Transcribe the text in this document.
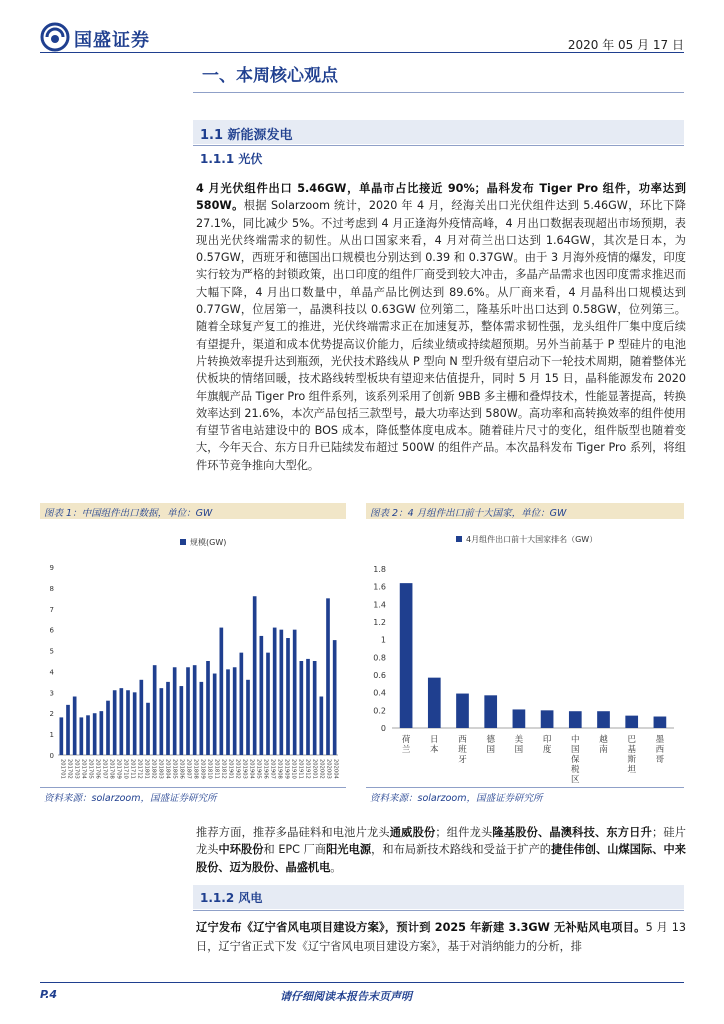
国盛证券	2020 年 05 月 17 日
一、本周核心观点
1.1 新能源发电
1.1.1 光伏
4 月光伏组件出口 5.46GW，单晶市占比接近 90%；晶科发布 Tiger Pro 组件，功率达到 580W。根据 Solarzoom 统计，2020 年 4 月，经海关出口光伏组件达到 5.46GW，环比下降 27.1%，同比减少 5%。不过考虑到 4 月正逢海外疫情高峰，4 月出口数据表现超出市场预期，表现出光伏终端需求的韧性。从出口国家来看，4 月对荷兰出口达到 1.64GW，其次是日本，为 0.57GW，西班牙和德国出口规模也分别达到 0.39 和 0.37GW。由于 3 月海外疫情的爆发，印度实行较为严格的封锁政策，出口印度的组件厂商受到较大冲击，多晶产品需求也因印度需求推迟而大幅下降，4 月出口数量中，单晶产品比例达到 89.6%。从厂商来看，4 月晶科出口规模达到 0.77GW，位居第一，晶澳科技以 0.63GW 位列第二，隆基乐叶出口达到 0.58GW，位列第三。随着全球复产复工的推进，光伏终端需求正在加速复苏，整体需求韧性强，龙头组件厂集中度后续有望提升，渠道和成本优势提高议价能力，后续业绩或持续超预期。另外当前基于 P 型硅片的电池片转换效率提升达到瓶颈，光伏技术路线从 P 型向 N 型升级有望启动下一轮技术周期，随着整体光伏板块的情绪回暖，技术路线转型板块有望迎来估值提升，同时 5 月 15 日，晶科能源发布 2020 年旗舰产品 Tiger Pro 组件系列，该系列采用了创新 9BB 多主栅和叠焊技术，性能显著提高，转换效率达到 21.6%，本次产品包括三款型号，最大功率达到 580W。高功率和高转换效率的组件使用有望节省电站建设中的 BOS 成本，降低整体度电成本。随着硅片尺寸的变化，组件版型也随着变大，今年天合、东方日升已陆续发布超过 500W 的组件产品。本次晶科发布 Tiger Pro 系列，将组件环节竞争推向大型化。
图表 1：中国组件出口数据，单位：GW
规模(GW)
0
1
2
3
4
5
6
7
8
9
201701 201702 201703 201704 201705 201706 201707 201708 201709 201710 201711 201712 201801 201802 201803 201804 201805 201806 201807 201808 201809 201810 201811 201812 201901 201902 201903 201904 201905 201906 201907 201908 201909 201910 201911 201912 202001 202002 202003 202004
资料来源：solarzoom，国盛证券研究所
图表 2：4 月组件出口前十大国家，单位：GW
4月组件出口前十大国家排名（GW）
0
0.2
0.4
0.6
0.8
1
1.2
1.4
1.6
1.8
荷
兰
日
本
西
班
牙
德
国
美
国
印
度
中
国
保
税
区
越
南
巴
基
斯
坦
墨
西
哥
资料来源：solarzoom，国盛证券研究所
推荐方面，推荐多晶硅料和电池片龙头通威股份；组件龙头隆基股份、晶澳科技、东方日升；硅片龙头中环股份和 EPC 厂商阳光电源，和布局新技术路线和受益于扩产的捷佳伟创、山煤国际、中来股份、迈为股份、晶盛机电。
1.1.2 风电
辽宁发布《辽宁省风电项目建设方案》，预计到 2025 年新建 3.3GW 无补贴风电项目。5 月 13 日，辽宁省正式下发《辽宁省风电项目建设方案》，基于对消纳能力的分析，排
P.4	请仔细阅读本报告末页声明
